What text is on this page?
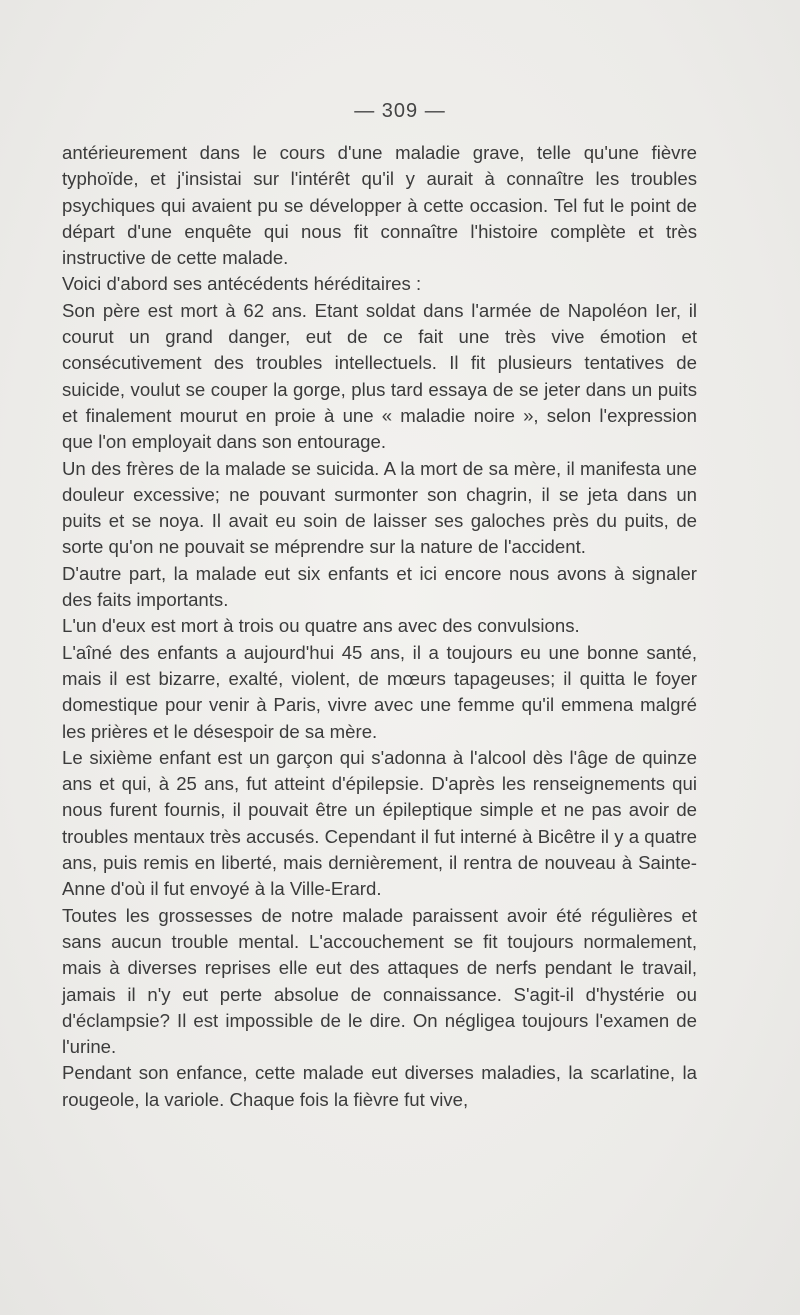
— 309 —

antérieurement dans le cours d'une maladie grave, telle qu'une fièvre typhoïde, et j'insistai sur l'intérêt qu'il y aurait à connaître les troubles psychiques qui avaient pu se développer à cette occasion. Tel fut le point de départ d'une enquête qui nous fit connaître l'histoire complète et très instructive de cette malade.

Voici d'abord ses antécédents héréditaires :

Son père est mort à 62 ans. Etant soldat dans l'armée de Napoléon Ier, il courut un grand danger, eut de ce fait une très vive émotion et consécutivement des troubles intellectuels. Il fit plusieurs tentatives de suicide, voulut se couper la gorge, plus tard essaya de se jeter dans un puits et finalement mourut en proie à une « maladie noire », selon l'expression que l'on employait dans son entourage.

Un des frères de la malade se suicida. A la mort de sa mère, il manifesta une douleur excessive; ne pouvant surmonter son chagrin, il se jeta dans un puits et se noya. Il avait eu soin de laisser ses galoches près du puits, de sorte qu'on ne pouvait se méprendre sur la nature de l'accident.

D'autre part, la malade eut six enfants et ici encore nous avons à signaler des faits importants.

L'un d'eux est mort à trois ou quatre ans avec des convulsions.

L'aîné des enfants a aujourd'hui 45 ans, il a toujours eu une bonne santé, mais il est bizarre, exalté, violent, de mœurs tapageuses; il quitta le foyer domestique pour venir à Paris, vivre avec une femme qu'il emmena malgré les prières et le désespoir de sa mère.

Le sixième enfant est un garçon qui s'adonna à l'alcool dès l'âge de quinze ans et qui, à 25 ans, fut atteint d'épilepsie. D'après les renseignements qui nous furent fournis, il pouvait être un épileptique simple et ne pas avoir de troubles mentaux très accusés. Cependant il fut interné à Bicêtre il y a quatre ans, puis remis en liberté, mais dernièrement, il rentra de nouveau à Sainte-Anne d'où il fut envoyé à la Ville-Erard.

Toutes les grossesses de notre malade paraissent avoir été régulières et sans aucun trouble mental. L'accouchement se fit toujours normalement, mais à diverses reprises elle eut des attaques de nerfs pendant le travail, jamais il n'y eut perte absolue de connaissance. S'agit-il d'hystérie ou d'éclampsie? Il est impossible de le dire. On négligea toujours l'examen de l'urine.

Pendant son enfance, cette malade eut diverses maladies, la scarlatine, la rougeole, la variole. Chaque fois la fièvre fut vive,
